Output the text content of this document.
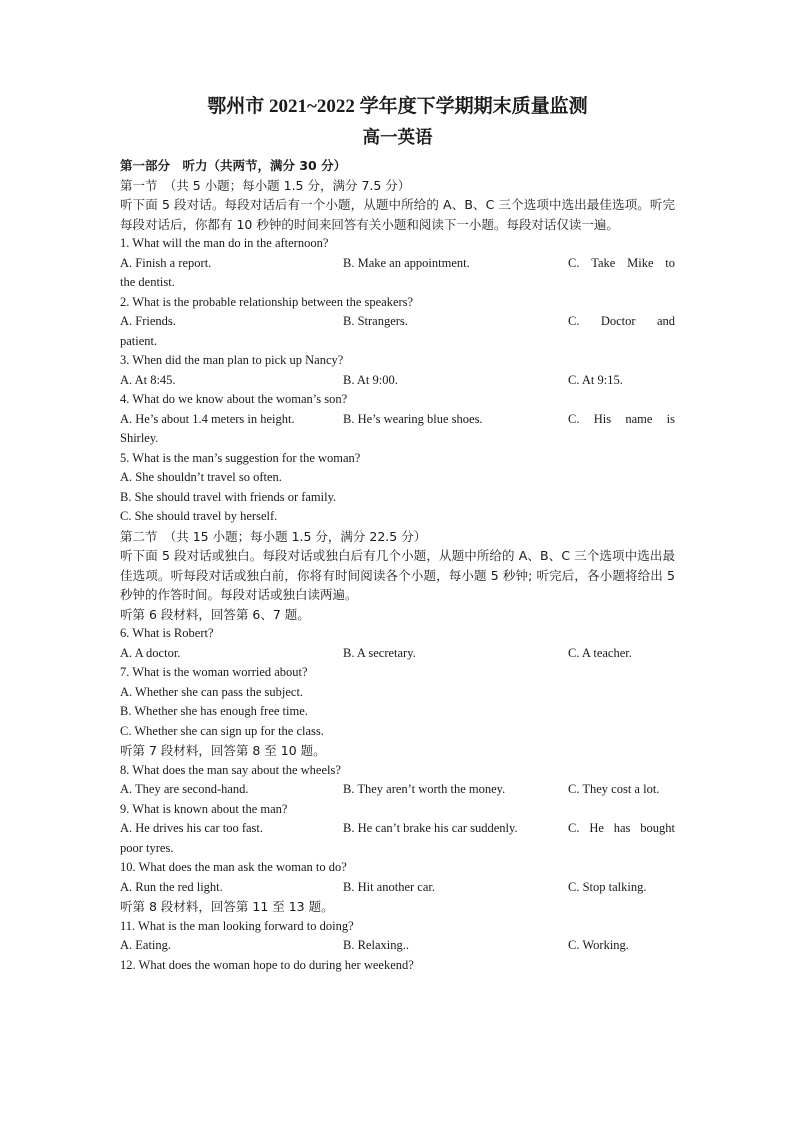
鄂州市 2021~2022 学年度下学期期末质量监测
高一英语
第一部分　听力（共两节，满分 30 分）
第一节　（共 5 小题；每小题 1.5 分，满分 7.5 分）
听下面 5 段对话。每段对话后有一个小题，从题中所给的 A、B、C 三个选项中选出最佳选项。听完每段对话后，你都有 10 秒钟的时间来回答有关小题和阅读下一小题。每段对话仅读一遍。
1. What will the man do in the afternoon?
A. Finish a report.	B. Make an appointment.	C. Take Mike to
the dentist.
2. What is the probable relationship between the speakers?
A. Friends.	B. Strangers.	C. Doctor and
patient.
3. When did the man plan to pick up Nancy?
A. At 8:45.	B. At 9:00.	C. At 9:15.
4. What do we know about the woman’s son?
A. He’s about 1.4 meters in height.	B. He’s wearing blue shoes.	C. His name is
Shirley.
5. What is the man’s suggestion for the woman?
A. She shouldn’t travel so often.
B. She should travel with friends or family.
C. She should travel by herself.
第二节　（共 15 小题；每小题 1.5 分，满分 22.5 分）
听下面 5 段对话或独白。每段对话或独白后有几个小题，从题中所给的 A、B、C 三个选项中选出最佳选项。听每段对话或独白前，你将有时间阅读各个小题，每小题 5 秒钟; 听完后，各小题将给出 5 秒钟的作答时间。每段对话或独白读两遍。
听第 6 段材料，回答第 6、7 题。
6. What is Robert?
A. A doctor.	B. A secretary.	C. A teacher.
7. What is the woman worried about?
A. Whether she can pass the subject.
B. Whether she has enough free time.
C. Whether she can sign up for the class.
听第 7 段材料，回答第 8 至 10 题。
8. What does the man say about the wheels?
A. They are second-hand.	B. They aren’t worth the money.	C. They cost a lot.
9. What is known about the man?
A. He drives his car too fast.	B. He can’t brake his car suddenly.	C. He has bought
poor tyres.
10. What does the man ask the woman to do?
A. Run the red light.	B. Hit another car.	C. Stop talking.
听第 8 段材料，回答第 11 至 13 题。
11. What is the man looking forward to doing?
A. Eating.	B. Relaxing..	C. Working.
12. What does the woman hope to do during her weekend?
